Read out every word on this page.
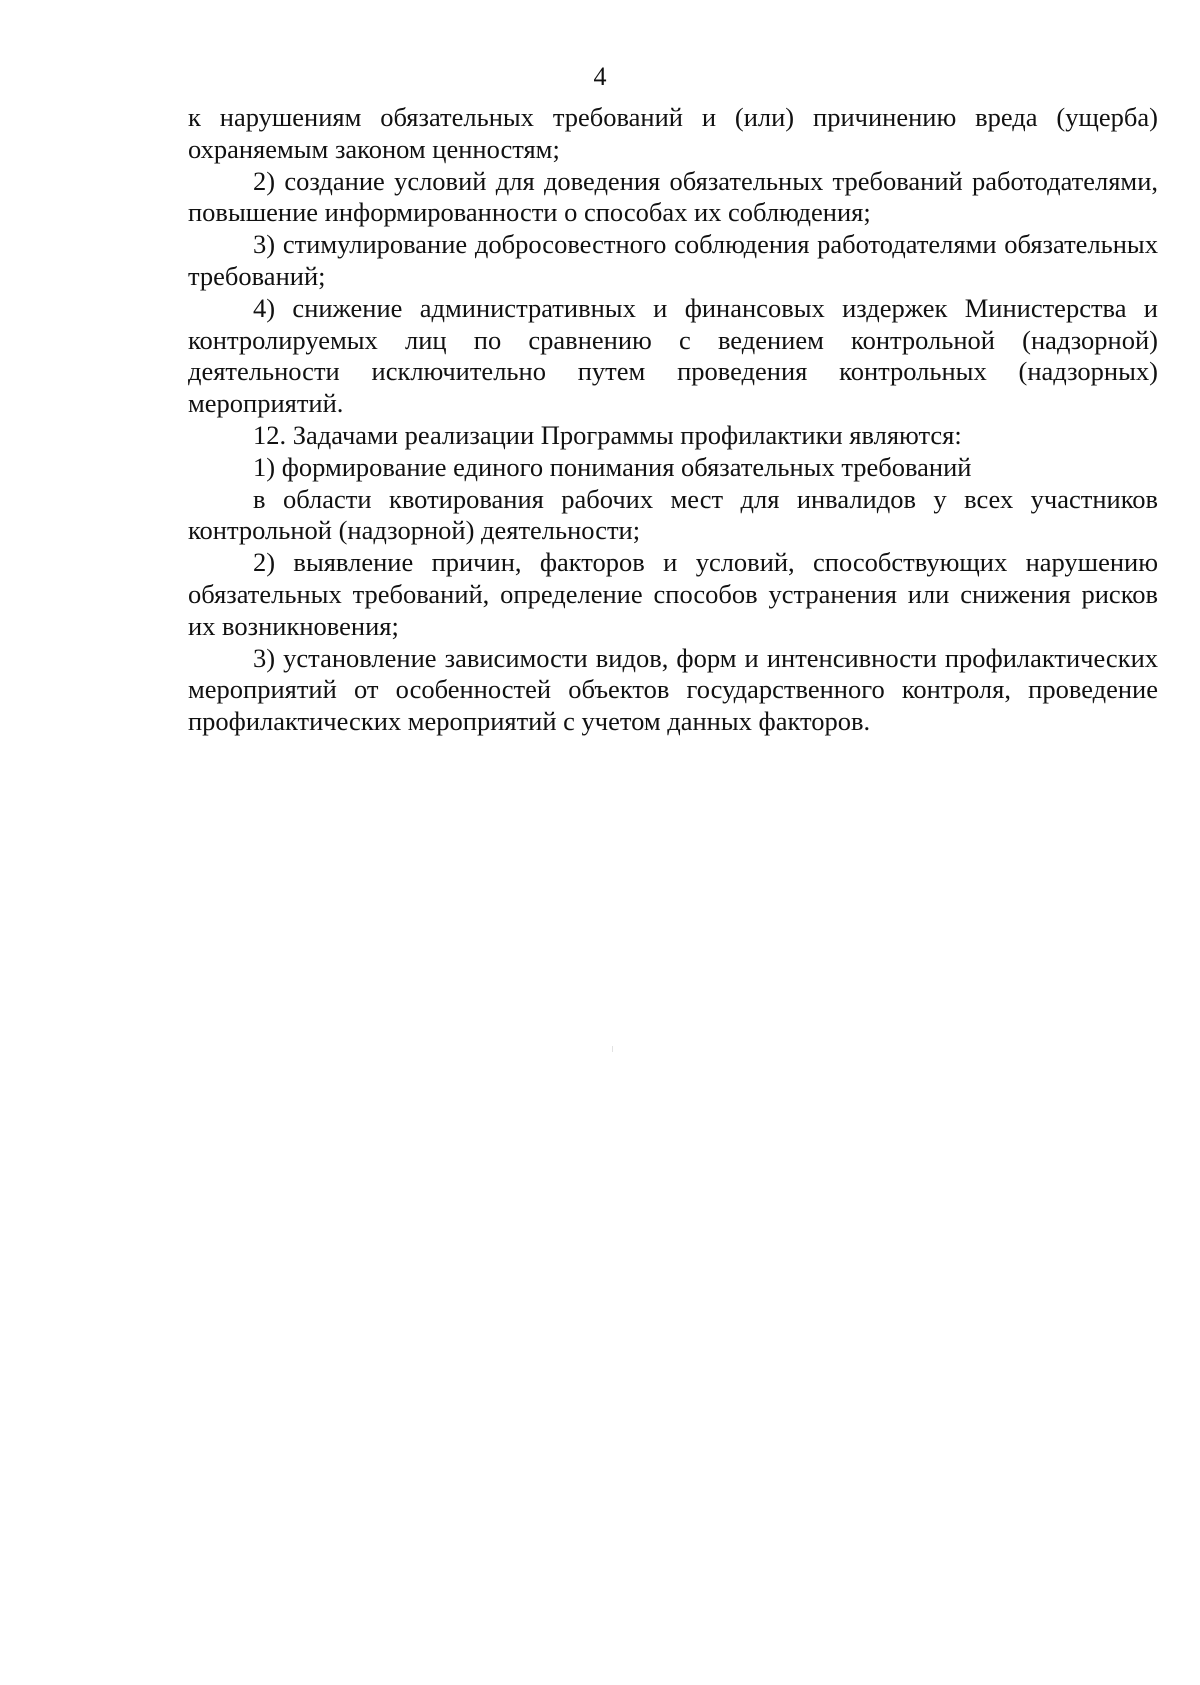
4

к нарушениям обязательных требований и (или) причинению вреда (ущерба) охраняемым законом ценностям;

2) создание условий для доведения обязательных требований работодателями, повышение информированности о способах их соблюдения;

3) стимулирование добросовестного соблюдения работодателями обязательных требований;

4) снижение административных и финансовых издержек Министерства и контролируемых лиц по сравнению с ведением контрольной (надзорной) деятельности исключительно путем проведения контрольных (надзорных) мероприятий.

12. Задачами реализации Программы профилактики являются:

1) формирование единого понимания обязательных требований

в области квотирования рабочих мест для инвалидов у всех участников контрольной (надзорной) деятельности;

2) выявление причин, факторов и условий, способствующих нарушению обязательных требований, определение способов устранения или снижения рисков их возникновения;

3) установление зависимости видов, форм и интенсивности профилактических мероприятий от особенностей объектов государственного контроля, проведение профилактических мероприятий с учетом данных факторов.
